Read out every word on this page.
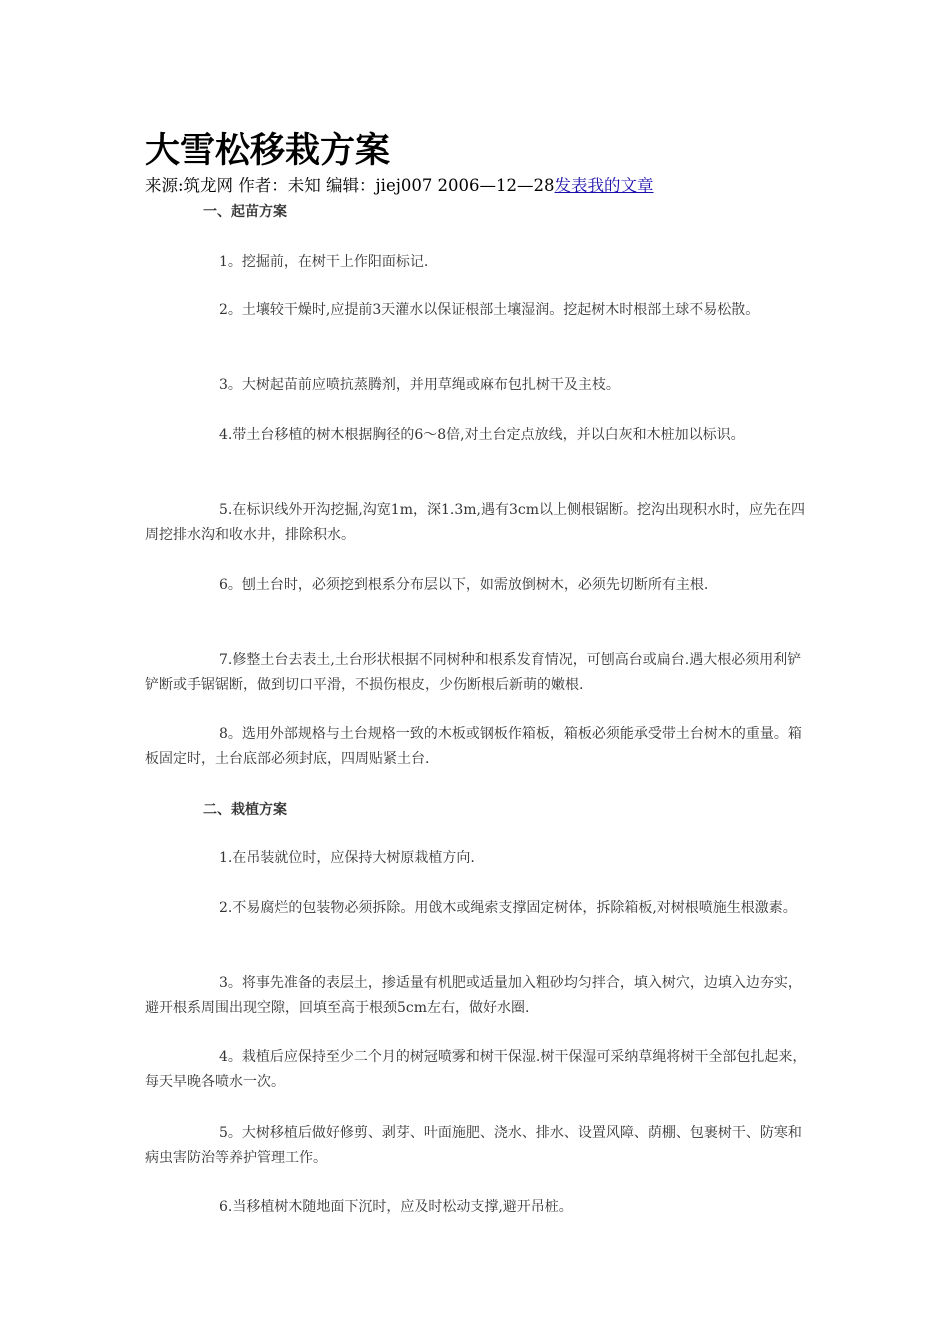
大雪松移栽方案
来源:筑龙网 作者：未知 编辑：jiej007 2006—12—28发表我的文章
一、起苗方案

1。挖掘前，在树干上作阳面标记.

2。土壤较干燥时,应提前3天灌水以保证根部土壤湿润。挖起树木时根部土球不易松散。

3。大树起苗前应喷抗蒸腾剂，并用草绳或麻布包扎树干及主枝。

4.带土台移植的树木根据胸径的6～8倍,对土台定点放线，并以白灰和木桩加以标识。

5.在标识线外开沟挖掘,沟宽1m，深1.3m,遇有3cm以上侧根锯断。挖沟出现积水时，应先在四周挖排水沟和收水井，排除积水。

6。刨土台时，必须挖到根系分布层以下，如需放倒树木，必须先切断所有主根.

7.修整土台去表土,土台形状根据不同树种和根系发育情况，可刨高台或扁台.遇大根必须用利铲铲断或手锯锯断，做到切口平滑，不损伤根皮，少伤断根后新萌的嫩根.

8。选用外部规格与土台规格一致的木板或钢板作箱板，箱板必须能承受带土台树木的重量。箱板固定时，土台底部必须封底，四周贴紧土台.

二、栽植方案

1.在吊装就位时，应保持大树原栽植方向.

2.不易腐烂的包装物必须拆除。用戗木或绳索支撑固定树体，拆除箱板,对树根喷施生根激素。

3。将事先准备的表层土，掺适量有机肥或适量加入粗砂均匀拌合，填入树穴，边填入边夯实，避开根系周围出现空隙，回填至高于根颈5cm左右，做好水圈.

4。栽植后应保持至少二个月的树冠喷雾和树干保湿.树干保湿可采纳草绳将树干全部包扎起来，每天早晚各喷水一次。

5。大树移植后做好修剪、剥芽、叶面施肥、浇水、排水、设置风障、荫棚、包裹树干、防寒和病虫害防治等养护管理工作。

6.当移植树木随地面下沉时，应及时松动支撑,避开吊桩。
